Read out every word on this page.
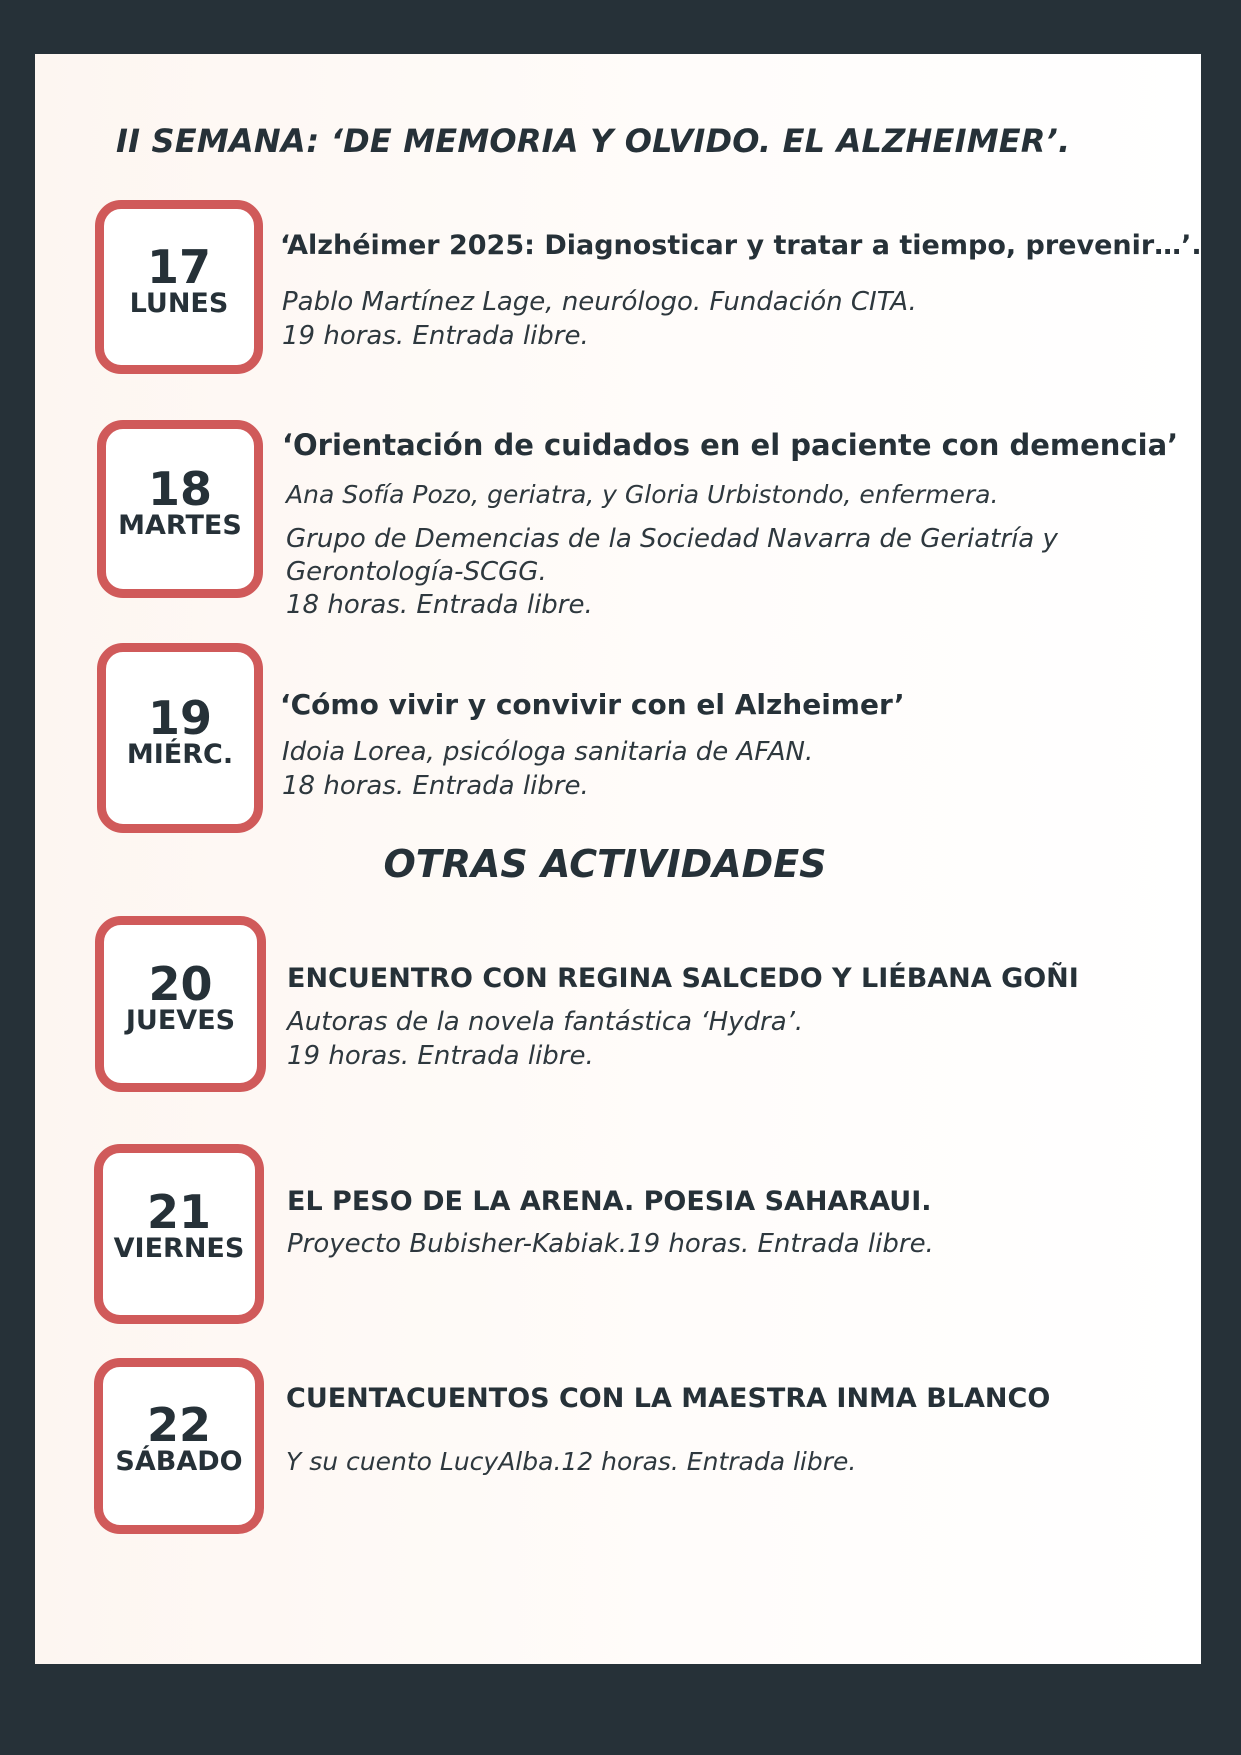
II SEMANA: ‘DE MEMORIA Y OLVIDO. EL ALZHEIMER’.
17
LUNES
‘Alzhéimer 2025: Diagnosticar y tratar a tiempo, prevenir…’.
Pablo Martínez Lage, neurólogo. Fundación CITA.
19 horas. Entrada libre.
18
MARTES
‘Orientación de cuidados en el paciente con demencia’
Ana Sofía Pozo, geriatra, y Gloria Urbistondo, enfermera.
Grupo de Demencias de la Sociedad Navarra de Geriatría y
Gerontología-SCGG.
18 horas. Entrada libre.
19
MIÉRC.
‘Cómo vivir y convivir con el Alzheimer’
Idoia Lorea, psicóloga sanitaria de AFAN.
18 horas. Entrada libre.
OTRAS ACTIVIDADES
20
JUEVES
ENCUENTRO CON REGINA SALCEDO Y LIÉBANA GOÑI
Autoras de la novela fantástica ‘Hydra’.
19 horas. Entrada libre.
21
VIERNES
EL PESO DE LA ARENA. POESIA SAHARAUI.
Proyecto Bubisher-Kabiak.19 horas. Entrada libre.
22
SÁBADO
CUENTACUENTOS CON LA MAESTRA INMA BLANCO
Y su cuento LucyAlba.12 horas. Entrada libre.
